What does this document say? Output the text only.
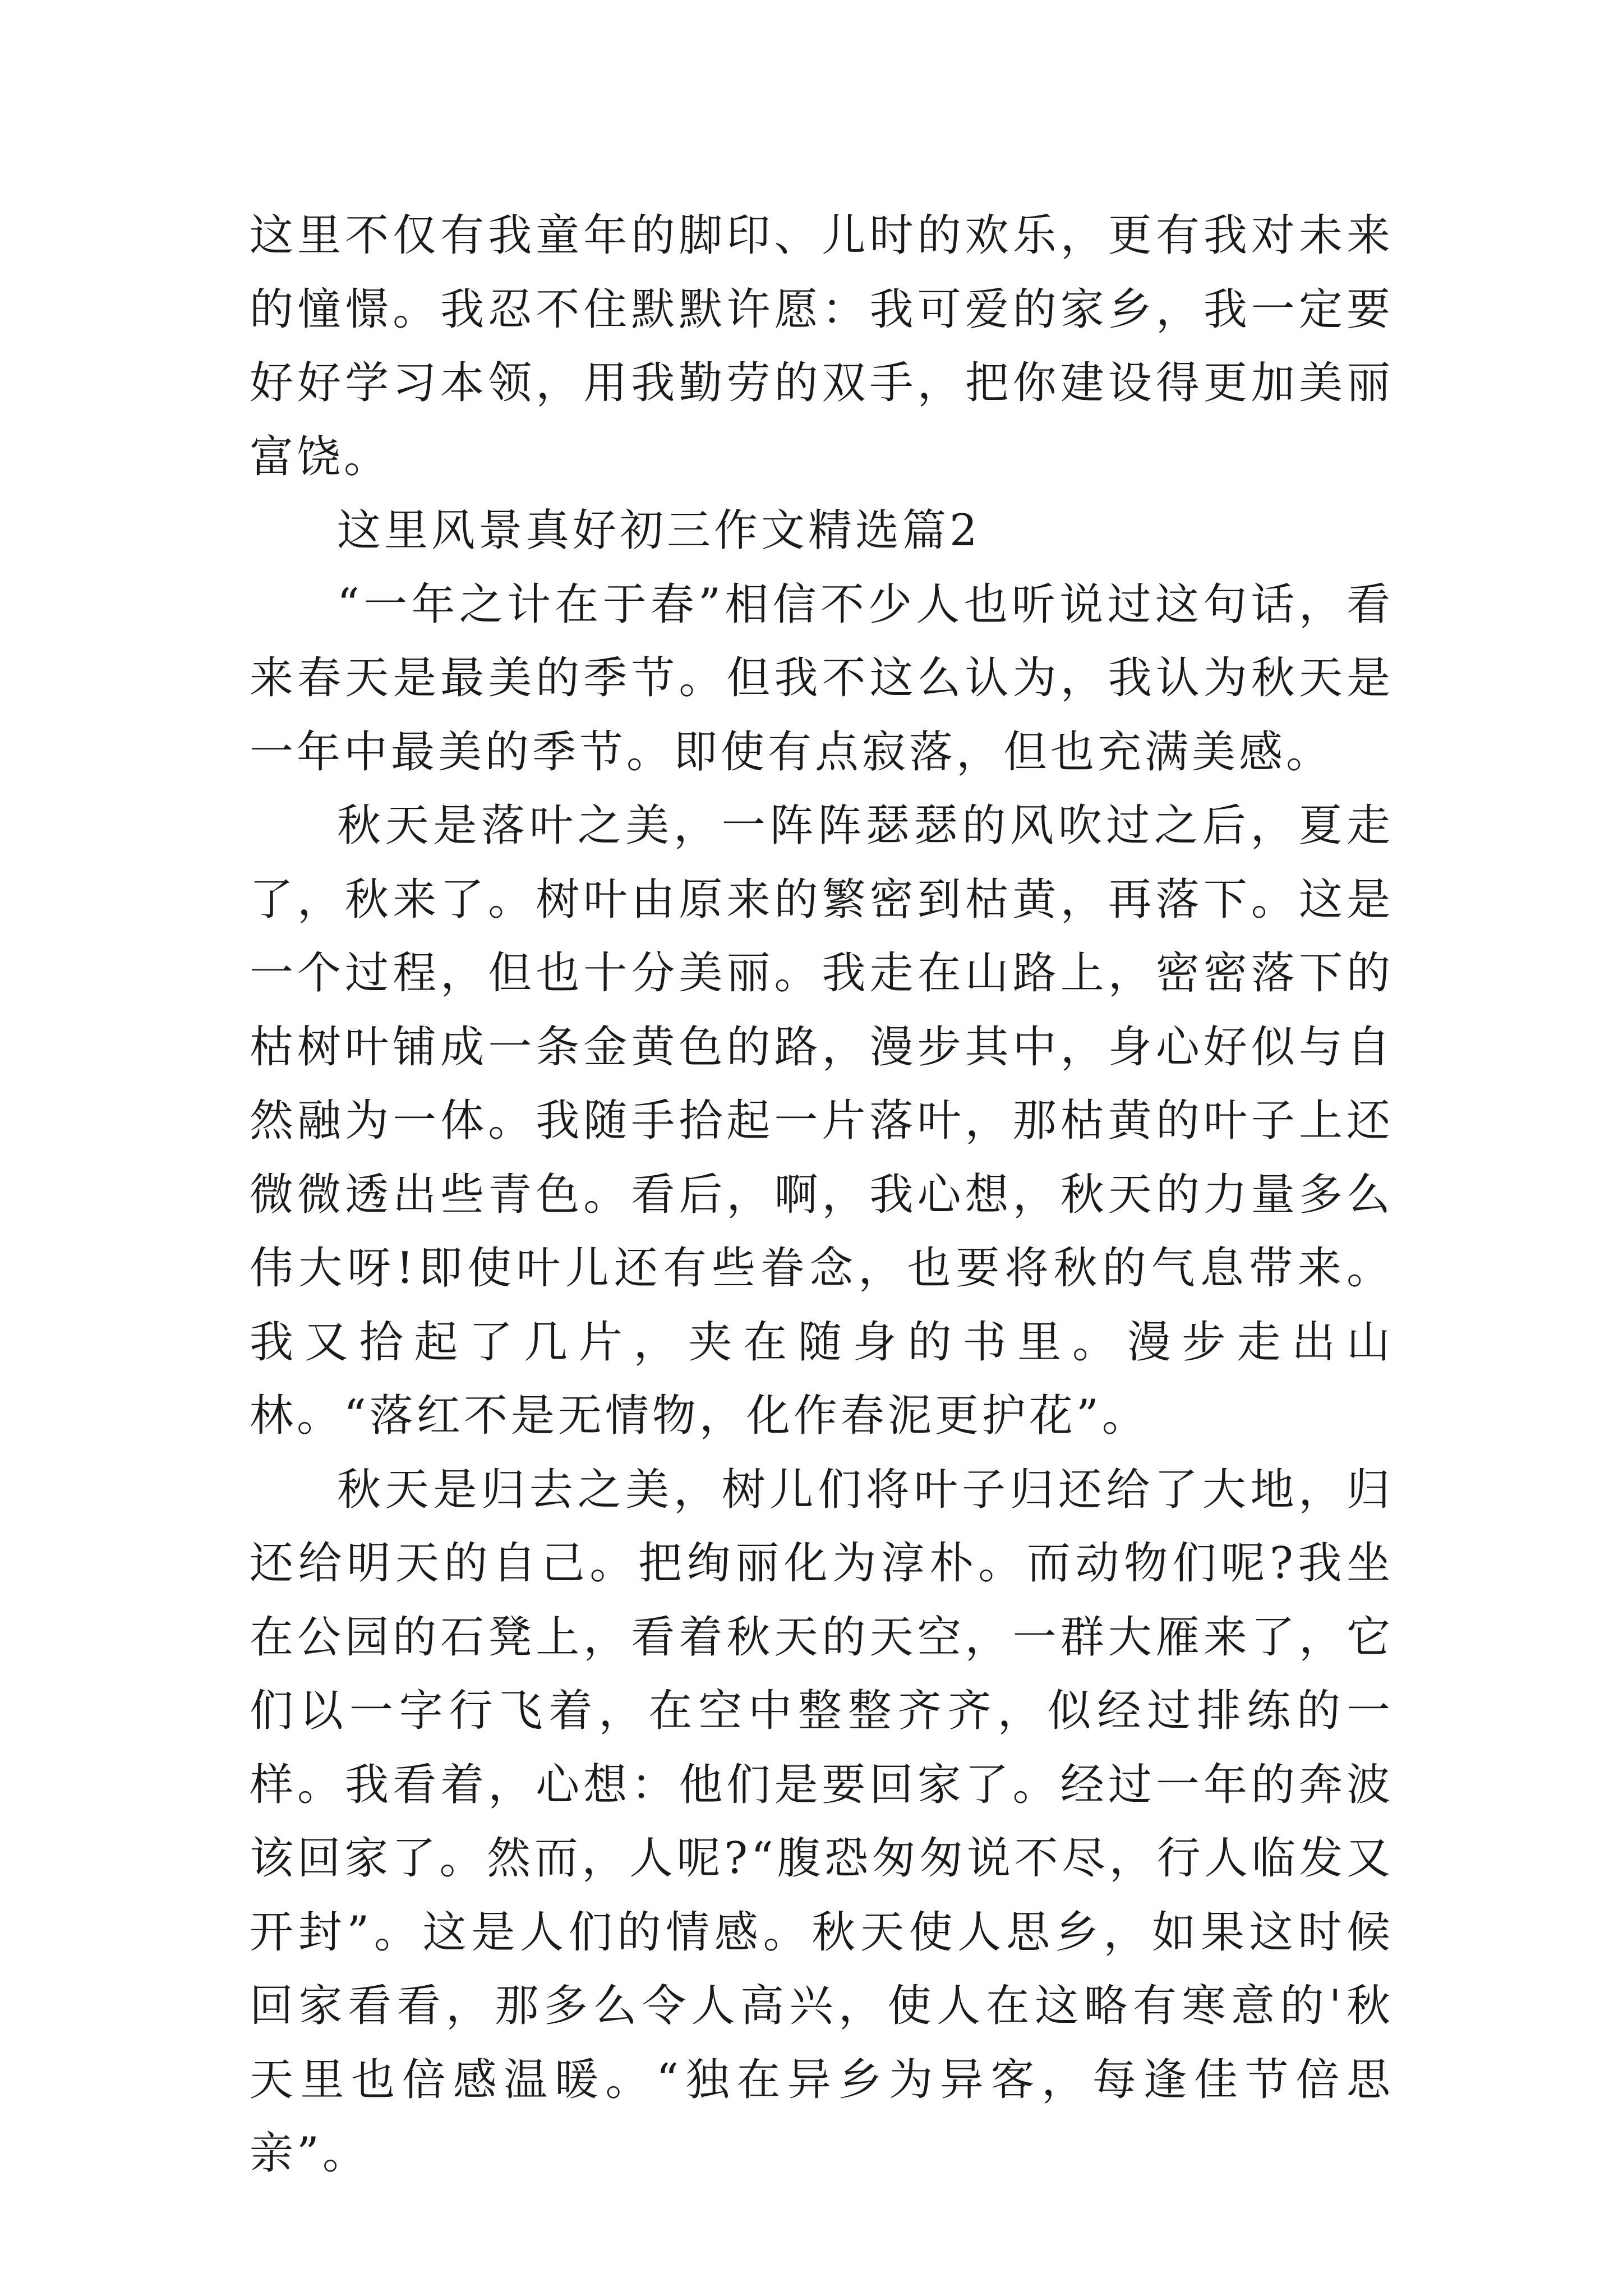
这里不仅有我童年的脚印、儿时的欢乐，更有我对未来的憧憬。我忍不住默默许愿：我可爱的家乡，我一定要好好学习本领，用我勤劳的双手，把你建设得更加美丽富饶。

这里风景真好初三作文精选篇2

“一年之计在于春”相信不少人也听说过这句话，看来春天是最美的季节。但我不这么认为，我认为秋天是一年中最美的季节。即使有点寂落，但也充满美感。

秋天是落叶之美，一阵阵瑟瑟的风吹过之后，夏走了，秋来了。树叶由原来的繁密到枯黄，再落下。这是一个过程，但也十分美丽。我走在山路上，密密落下的枯树叶铺成一条金黄色的路，漫步其中，身心好似与自然融为一体。我随手拾起一片落叶，那枯黄的叶子上还微微透出些青色。看后，啊，我心想，秋天的力量多么伟大呀!即使叶儿还有些眷念，也要将秋的气息带来。我又拾起了几片，夹在随身的书里。漫步走出山林。“落红不是无情物，化作春泥更护花”。

秋天是归去之美，树儿们将叶子归还给了大地，归还给明天的自己。把绚丽化为淳朴。而动物们呢?我坐在公园的石凳上，看着秋天的天空，一群大雁来了，它们以一字行飞着，在空中整整齐齐，似经过排练的一样。我看着，心想：他们是要回家了。经过一年的奔波该回家了。然而，人呢?“腹恐匆匆说不尽，行人临发又开封”。这是人们的情感。秋天使人思乡，如果这时候回家看看，那多么令人高兴，使人在这略有寒意的'秋天里也倍感温暖。“独在异乡为异客，每逢佳节倍思亲”。
